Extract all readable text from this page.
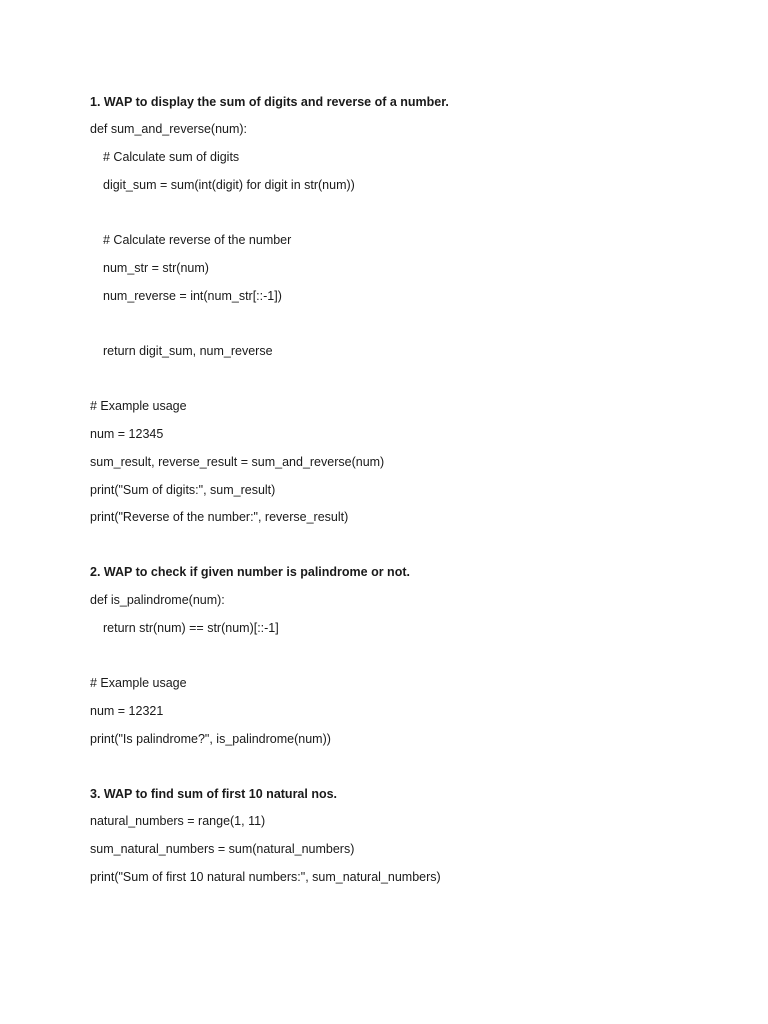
1. WAP to display the sum of digits and reverse of a number.
def sum_and_reverse(num):
# Calculate sum of digits
digit_sum = sum(int(digit) for digit in str(num))
# Calculate reverse of the number
num_str = str(num)
num_reverse = int(num_str[::-1])
return digit_sum, num_reverse
# Example usage
num = 12345
sum_result, reverse_result = sum_and_reverse(num)
print("Sum of digits:", sum_result)
print("Reverse of the number:", reverse_result)
2. WAP to check if given number is palindrome or not.
def is_palindrome(num):
return str(num) == str(num)[::-1]
# Example usage
num = 12321
print("Is palindrome?", is_palindrome(num))
3. WAP to find sum of first 10 natural nos.
natural_numbers = range(1, 11)
sum_natural_numbers = sum(natural_numbers)
print("Sum of first 10 natural numbers:", sum_natural_numbers)
